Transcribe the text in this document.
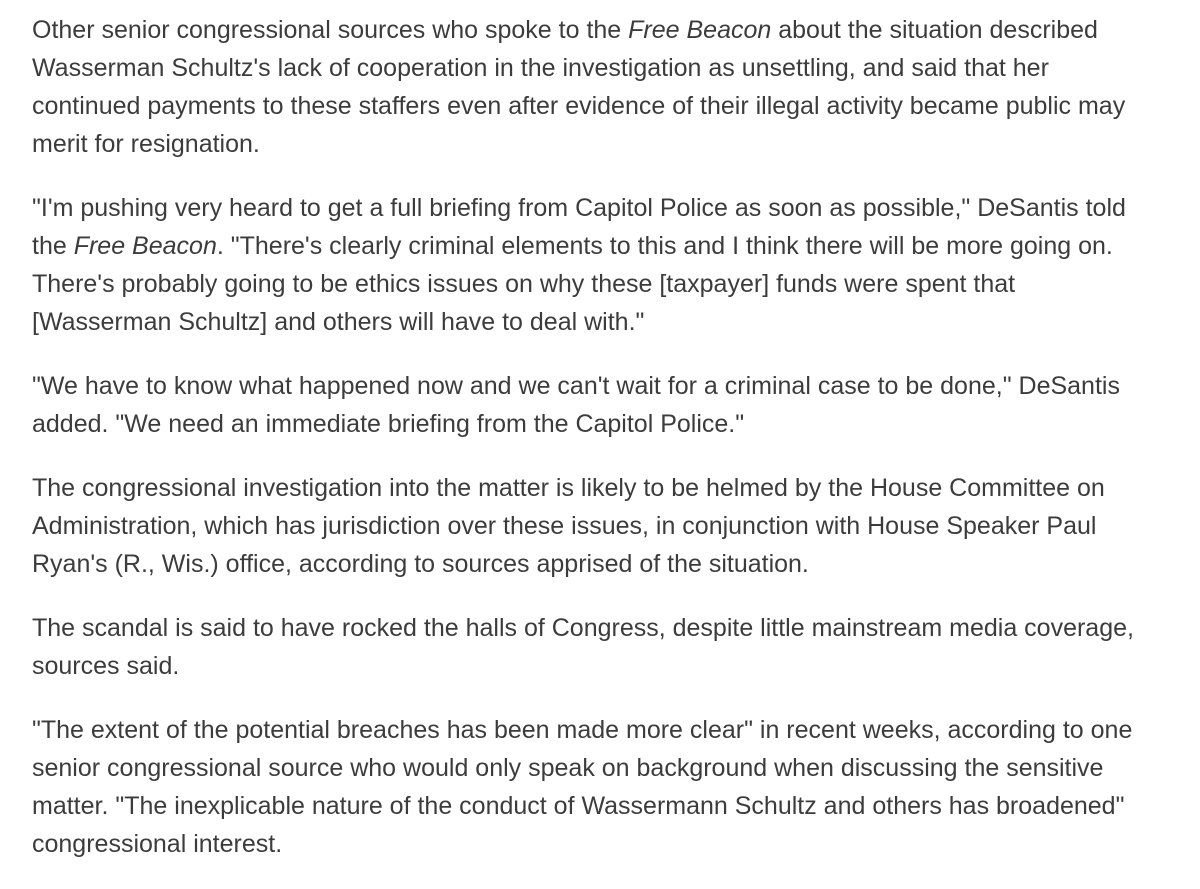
Other senior congressional sources who spoke to the Free Beacon about the situation described
Wasserman Schultz's lack of cooperation in the investigation as unsettling, and said that her
continued payments to these staffers even after evidence of their illegal activity became public may
merit for resignation.

"I'm pushing very heard to get a full briefing from Capitol Police as soon as possible," DeSantis told
the Free Beacon. "There's clearly criminal elements to this and I think there will be more going on.
There's probably going to be ethics issues on why these [taxpayer] funds were spent that
[Wasserman Schultz] and others will have to deal with."

"We have to know what happened now and we can't wait for a criminal case to be done," DeSantis
added. "We need an immediate briefing from the Capitol Police."

The congressional investigation into the matter is likely to be helmed by the House Committee on
Administration, which has jurisdiction over these issues, in conjunction with House Speaker Paul
Ryan's (R., Wis.) office, according to sources apprised of the situation.

The scandal is said to have rocked the halls of Congress, despite little mainstream media coverage,
sources said.

"The extent of the potential breaches has been made more clear" in recent weeks, according to one
senior congressional source who would only speak on background when discussing the sensitive
matter. "The inexplicable nature of the conduct of Wassermann Schultz and others has broadened"
congressional interest.
